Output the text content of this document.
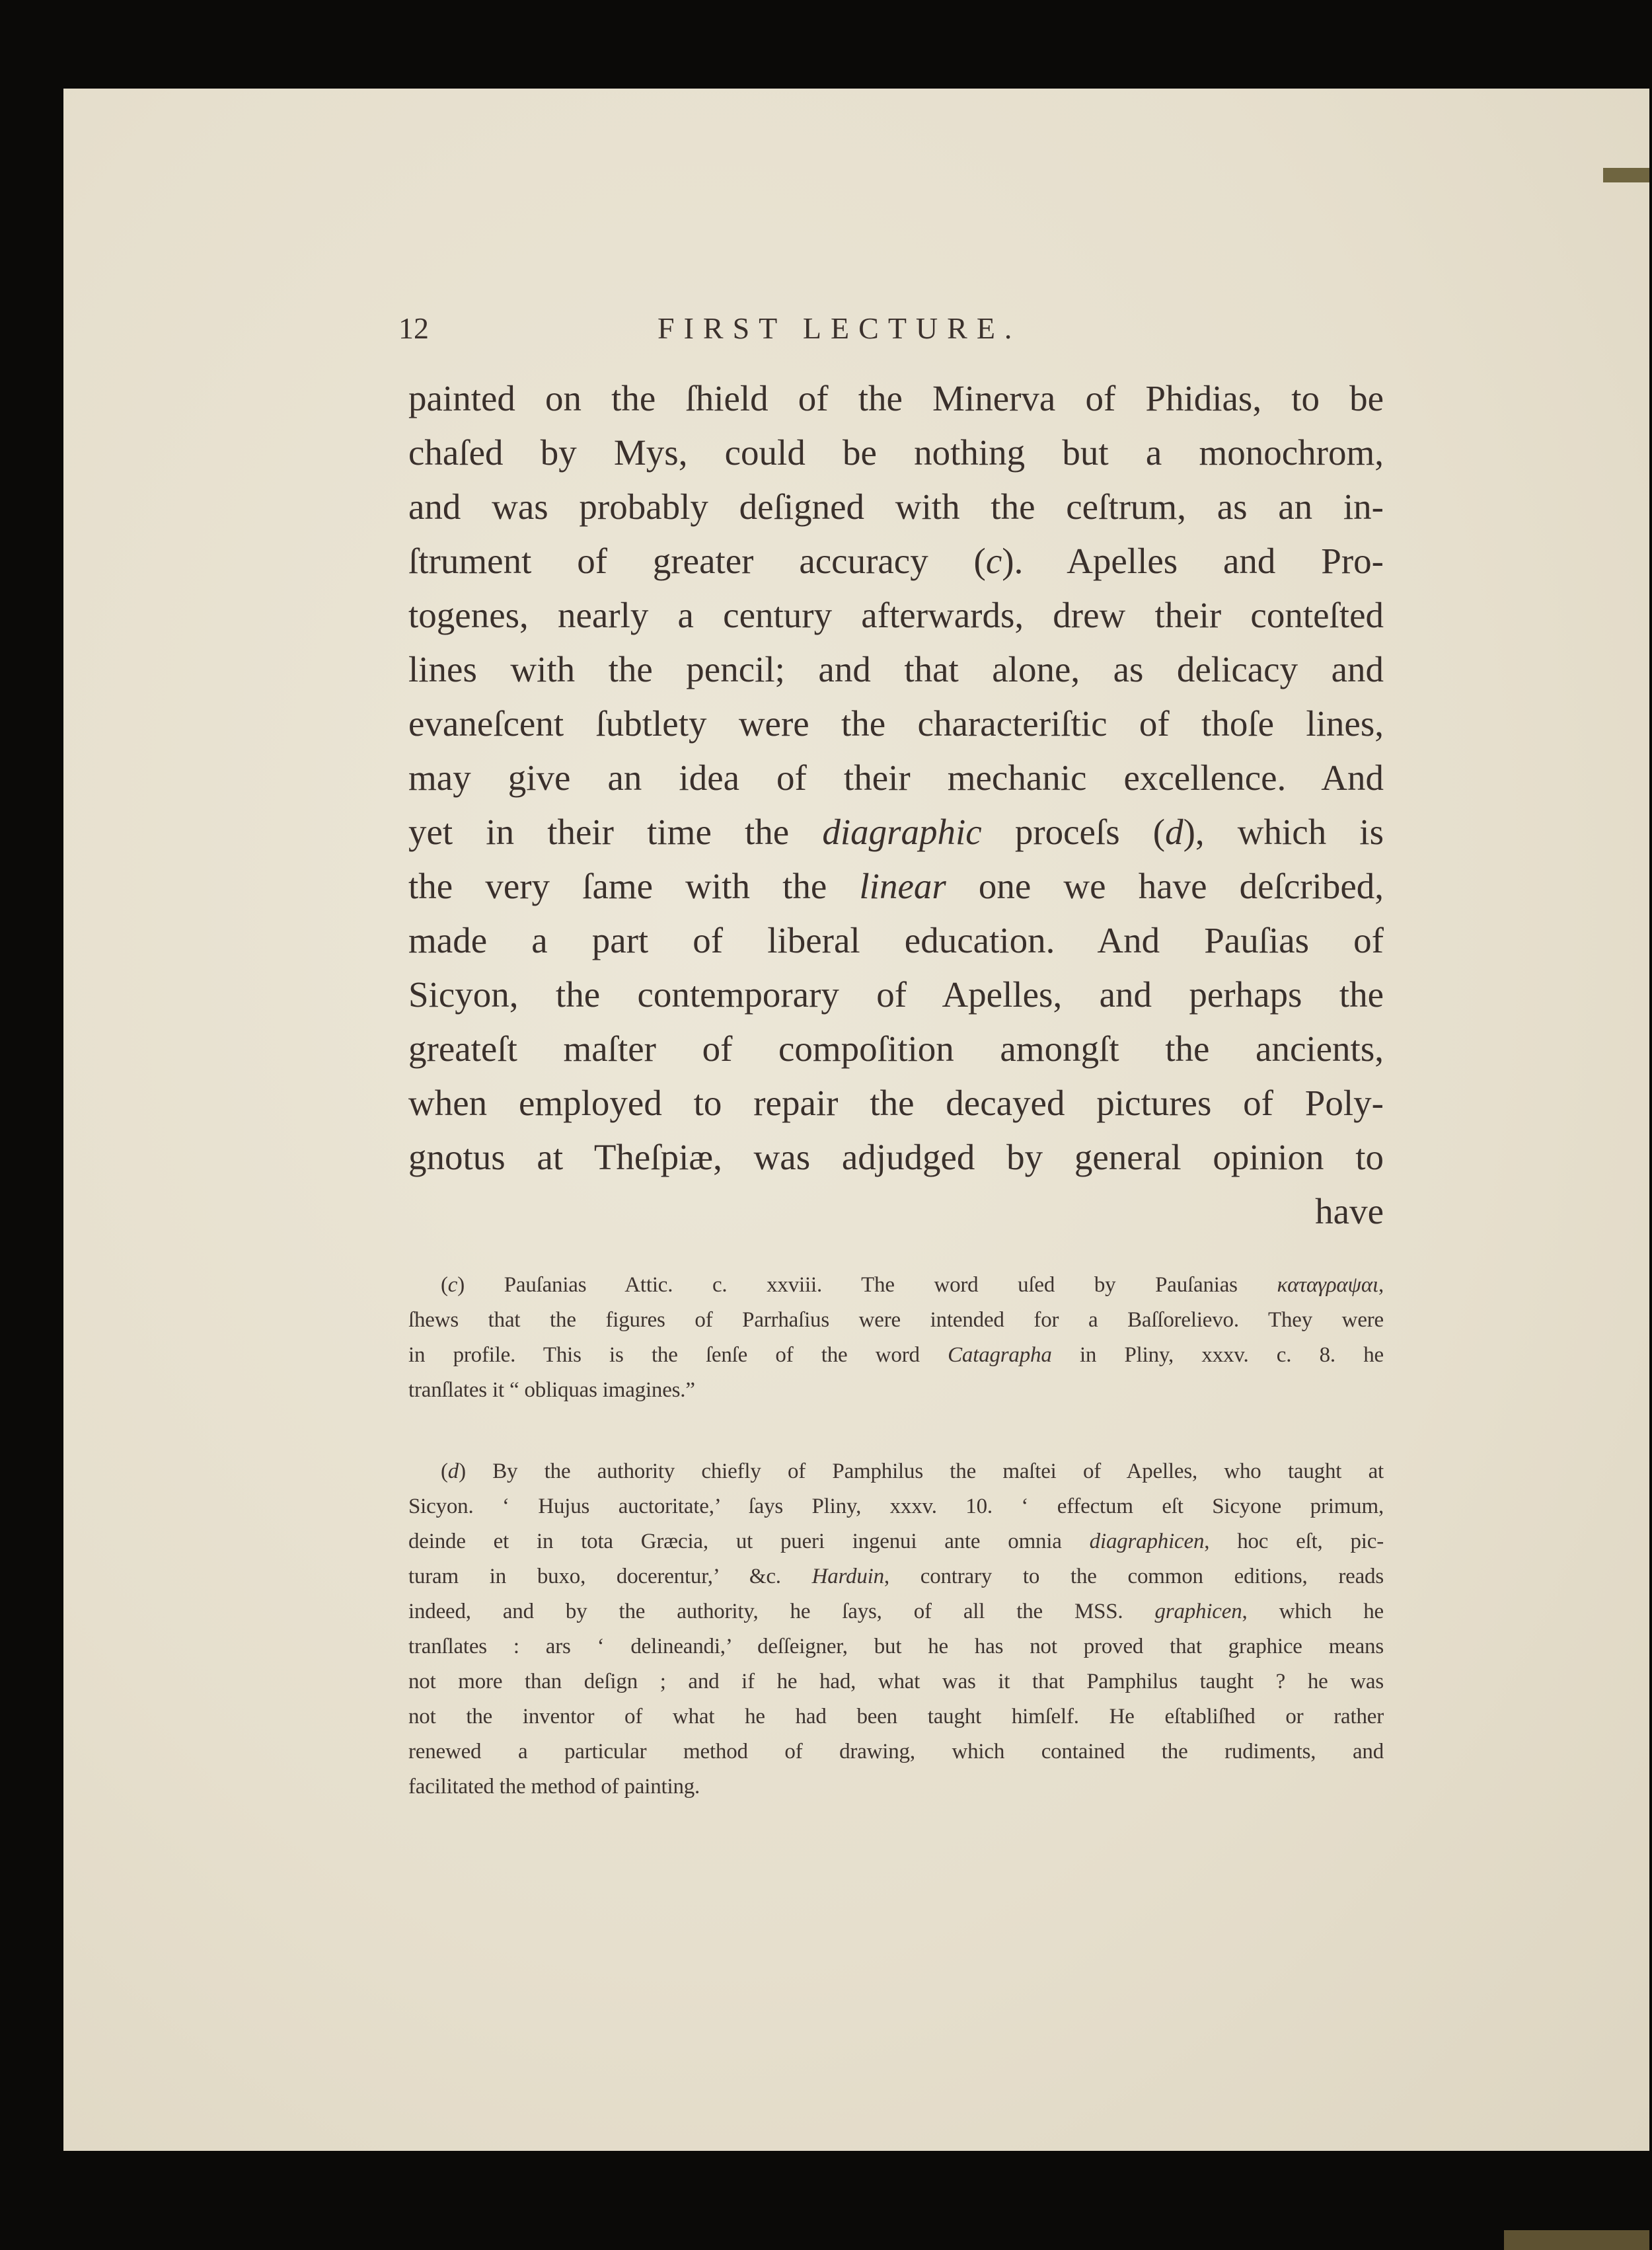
12	FIRST LECTURE.
painted on the ſhield of the Minerva of Phidias, to be
chaſed by Mys, could be nothing but a monochrom,
and was probably deſigned with the ceſtrum, as an in-
ſtrument of greater accuracy (c). Apelles and Pro-
togenes, nearly a century afterwards, drew their conteſted
lines with the pencil; and that alone, as delicacy and
evaneſcent ſubtlety were the characteriſtic of thoſe lines,
may give an idea of their mechanic excellence. And
yet in their time the diagraphic proceſs (d), which is
the very ſame with the linear one we have deſcribed,
made a part of liberal education. And Pauſias of
Sicyon, the contemporary of Apelles, and perhaps the
greateſt maſter of compoſition amongſt the ancients,
when employed to repair the decayed pictures of Poly-
gnotus at Theſpiæ, was adjudged by general opinion to
have
(c) Pauſanias Attic. c. xxviii. The word uſed by Pauſanias καταγραψαι,
ſhews that the figures of Parrhaſius were intended for a Baſſorelievo. They were
in profile. This is the ſenſe of the word Catagrapha in Pliny, xxxv. c. 8. he
tranſlates it “ obliquas imagines.”
(d) By the authority chiefly of Pamphilus the maſtei of Apelles, who taught at
Sicyon. ‘ Hujus auctoritate,’ ſays Pliny, xxxv. 10. ‘ effectum eſt Sicyone primum,
deinde et in tota Græcia, ut pueri ingenui ante omnia diagraphicen, hoc eſt, pic-
turam in buxo, docerentur,’ &c. Harduin, contrary to the common editions, reads
indeed, and by the authority, he ſays, of all the MSS. graphicen, which he
tranſlates : ars ‘ delineandi,’ deſſeigner, but he has not proved that graphice means
not more than deſign ; and if he had, what was it that Pamphilus taught ? he was
not the inventor of what he had been taught himſelf. He eſtabliſhed or rather
renewed a particular method of drawing, which contained the rudiments, and
facilitated the method of painting.
